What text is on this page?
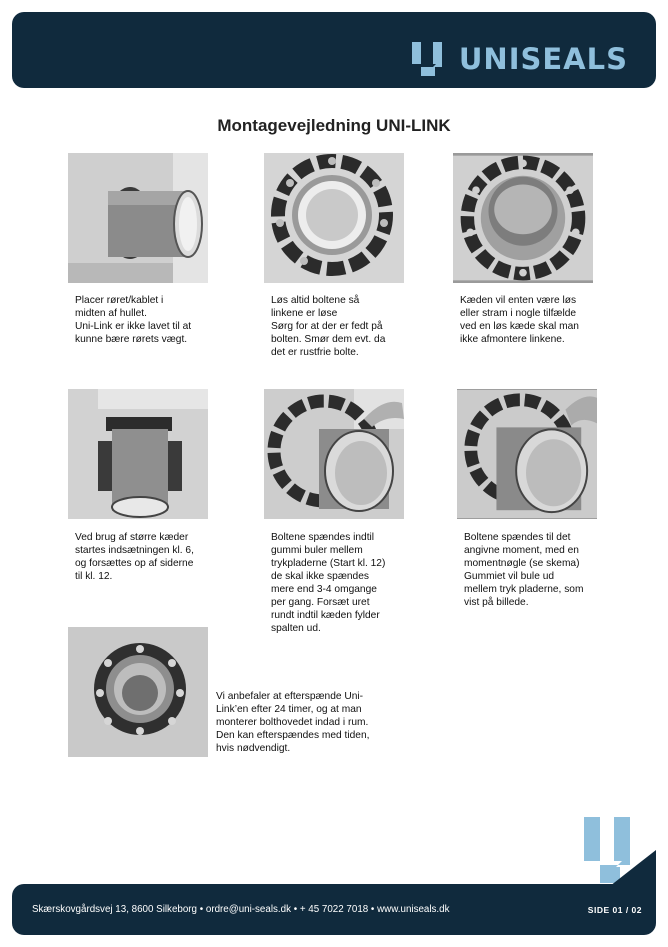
UNISEALS
Montagevejledning UNI-LINK
Placer røret/kablet i
midten af hullet.
Uni-Link er ikke lavet til at
kunne bære rørets vægt.
Løs altid boltene så
linkene er løse
Sørg for at der er fedt på
bolten. Smør dem evt. da
det er rustfrie bolte.
Kæden vil enten være løs
eller stram i nogle tilfælde
ved en løs kæde skal man
ikke afmontere linkene.
Ved brug af større kæder
startes indsætningen kl. 6,
og forsættes op af siderne
til kl. 12.
Boltene spændes indtil
gummi buler mellem
trykpladerne (Start kl. 12)
de skal ikke spændes
mere end 3-4 omgange
per gang. Forsæt uret
rundt indtil kæden fylder
spalten ud.
Boltene spændes til det
angivne moment, med en
momentnøgle (se skema)
Gummiet vil bule ud
mellem tryk pladerne, som
vist på billede.
Vi anbefaler at efterspænde Uni-
Link’en efter 24 timer, og at man
monterer bolthovedet indad i rum.
Den kan efterspændes med tiden,
hvis nødvendigt.
Skærskovgårdsvej 13, 8600 Silkeborg • ordre@uni-seals.dk • + 45 7022 7018 • www.uniseals.dk	SIDE 01 / 02
